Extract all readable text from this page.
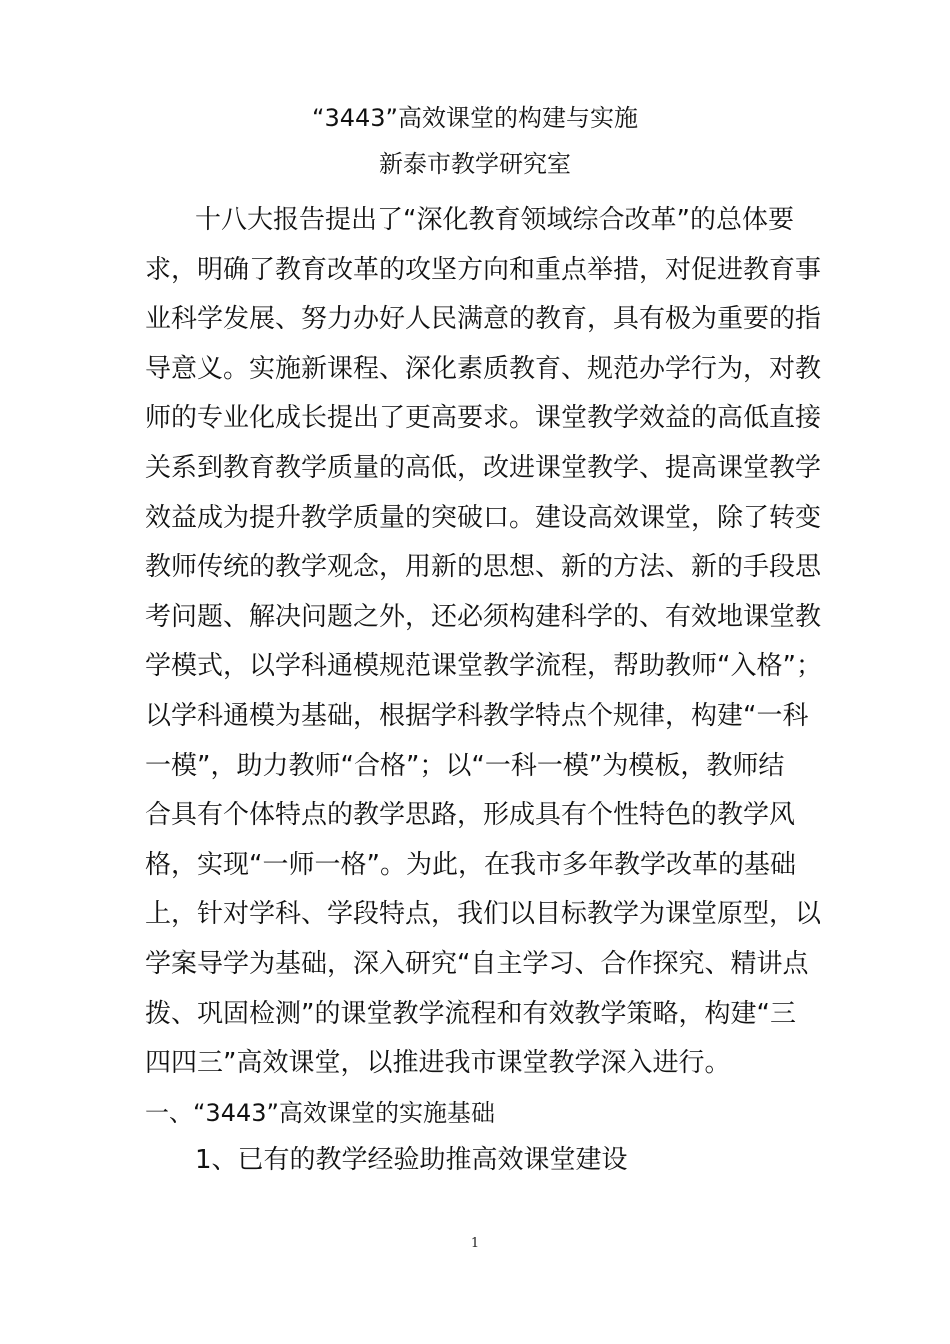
“3443”高效课堂的构建与实施
新泰市教学研究室
十八大报告提出了“深化教育领域综合改革”的总体要
求，明确了教育改革的攻坚方向和重点举措，对促进教育事
业科学发展、努力办好人民满意的教育，具有极为重要的指
导意义。实施新课程、深化素质教育、规范办学行为，对教
师的专业化成长提出了更高要求。课堂教学效益的高低直接
关系到教育教学质量的高低，改进课堂教学、提高课堂教学
效益成为提升教学质量的突破口。建设高效课堂，除了转变
教师传统的教学观念，用新的思想、新的方法、新的手段思
考问题、解决问题之外，还必须构建科学的、有效地课堂教
学模式，以学科通模规范课堂教学流程，帮助教师“入格”；
以学科通模为基础，根据学科教学特点个规律，构建“一科
一模”，助力教师“合格”；以“一科一模”为模板，教师结
合具有个体特点的教学思路，形成具有个性特色的教学风
格，实现“一师一格”。为此，在我市多年教学改革的基础
上，针对学科、学段特点，我们以目标教学为课堂原型，以
学案导学为基础，深入研究“自主学习、合作探究、精讲点
拨、巩固检测”的课堂教学流程和有效教学策略，构建“三
四四三”高效课堂，以推进我市课堂教学深入进行。
一、“3443”高效课堂的实施基础
1、已有的教学经验助推高效课堂建设
1
